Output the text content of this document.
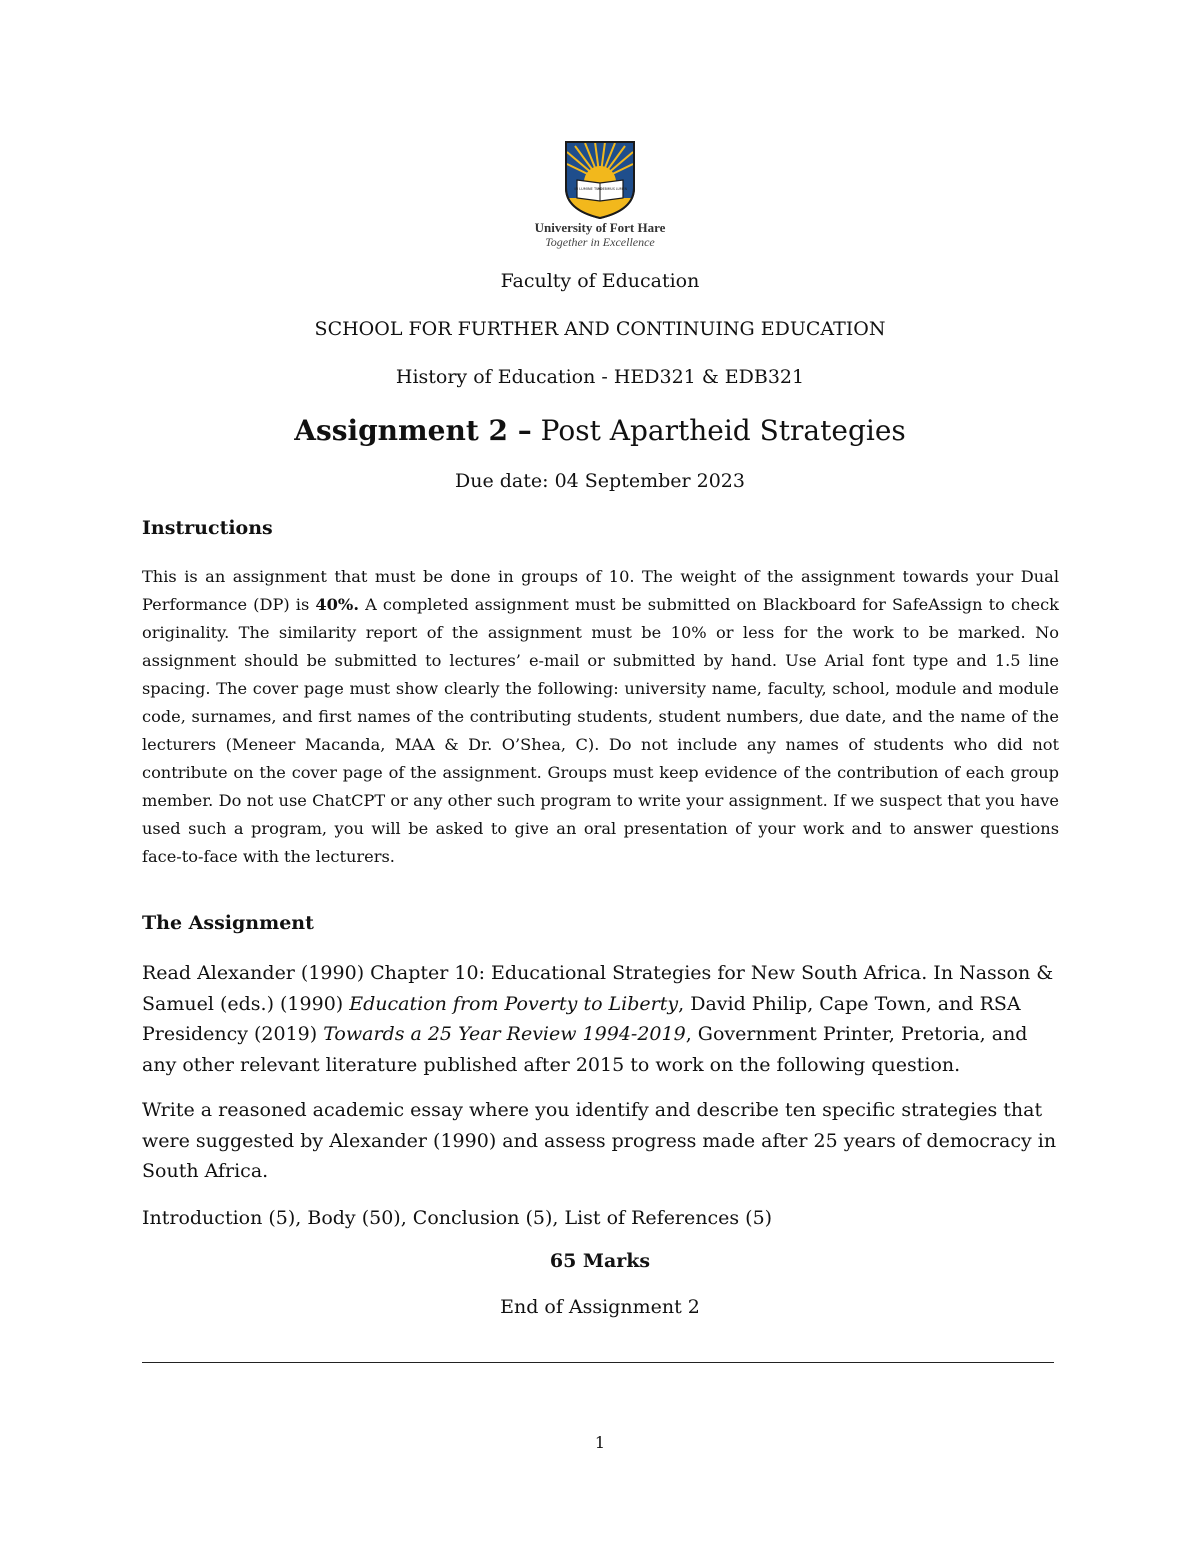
IN LUMINE TUO
VIDEBIMUS LUMEN
University of Fort Hare
Together in Excellence
Faculty of Education
SCHOOL FOR FURTHER AND CONTINUING EDUCATION
History of Education - HED321 & EDB321
Assignment 2 – Post Apartheid Strategies
Due date: 04 September 2023
Instructions
This is an assignment that must be done in groups of 10. The weight of the assignment towards your Dual Performance (DP) is 40%. A completed assignment must be submitted on Blackboard for SafeAssign to check originality. The similarity report of the assignment must be 10% or less for the work to be marked. No assignment should be submitted to lectures’ e-mail or submitted by hand. Use Arial font type and 1.5 line spacing. The cover page must show clearly the following: university name, faculty, school, module and module code, surnames, and first names of the contributing students, student numbers, due date, and the name of the lecturers (Meneer Macanda, MAA & Dr. O’Shea, C). Do not include any names of students who did not contribute on the cover page of the assignment. Groups must keep evidence of the contribution of each group member. Do not use ChatCPT or any other such program to write your assignment. If we suspect that you have used such a program, you will be asked to give an oral presentation of your work and to answer questions face-to-face with the lecturers.
The Assignment
Read Alexander (1990) Chapter 10: Educational Strategies for New South Africa. In Nasson & Samuel (eds.) (1990) Education from Poverty to Liberty, David Philip, Cape Town, and RSA Presidency (2019) Towards a 25 Year Review 1994-2019, Government Printer, Pretoria, and any other relevant literature published after 2015 to work on the following question.
Write a reasoned academic essay where you identify and describe ten specific strategies that were suggested by Alexander (1990) and assess progress made after 25 years of democracy in South Africa.
Introduction (5), Body (50), Conclusion (5), List of References (5)
65 Marks
End of Assignment 2
1
